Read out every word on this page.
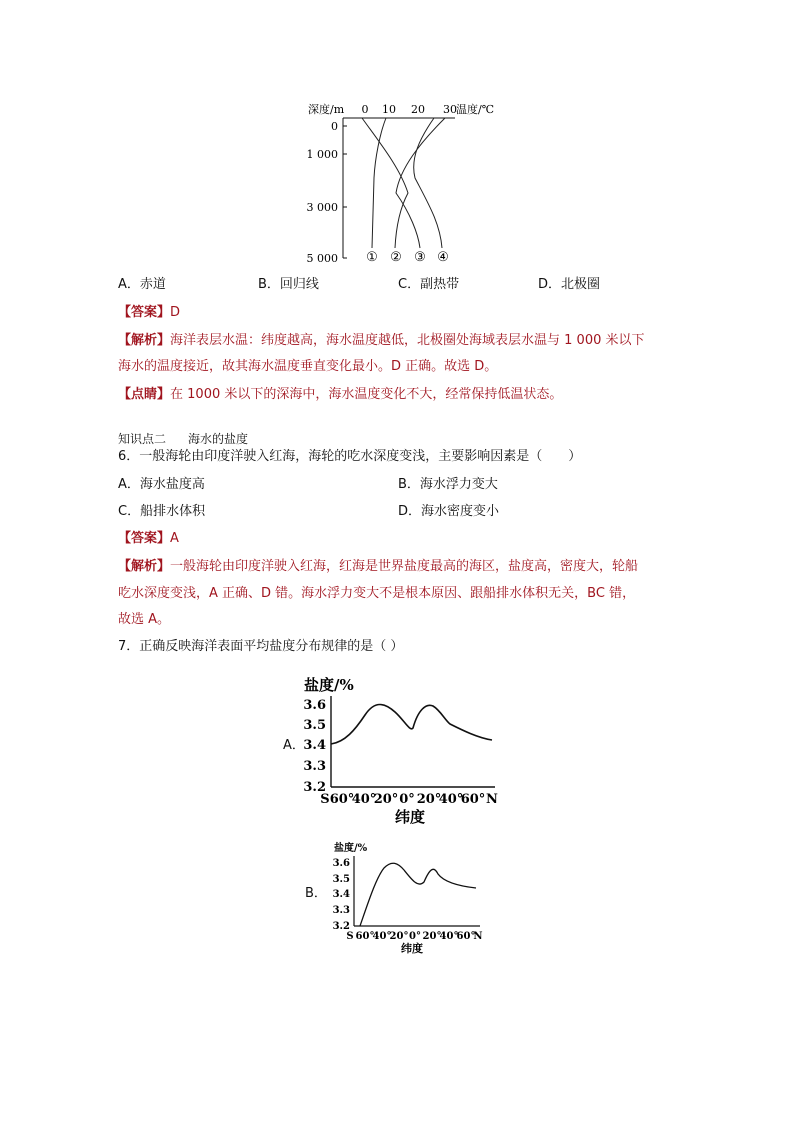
深度/m	温度/℃
0 10 20 30
0
1 000
3 000
5 000 ① ② ③ ④
A．赤道	B．回归线	C．副热带	D．北极圈
【答案】D
【解析】海洋表层水温：纬度越高，海水温度越低，北极圈处海域表层水温与 1 000 米以下
海水的温度接近，故其海水温度垂直变化最小。D 正确。故选 D。
【点睛】在 1000 米以下的深海中，海水温度变化不大，经常保持低温状态。
知识点二 海水的盐度
6．一般海轮由印度洋驶入红海，海轮的吃水深度变浅，主要影响因素是（　　）
A．海水盐度高	B．海水浮力变大
C．船排水体积	D．海水密度变小
【答案】A
【解析】一般海轮由印度洋驶入红海，红海是世界盐度最高的海区，盐度高，密度大，轮船
吃水深度变浅，A 正确、D 错。海水浮力变大不是根本原因、跟船排水体积无关，BC 错，
故选 A。
7．正确反映海洋表面平均盐度分布规律的是（ ）
A．
盐度/%
3.6
3.5
3.4
3.3
3.2
S 60°
40°
20° 0° 20°
40°
60° N
纬度
B．
盐度/%
3.6
3.5
3.4
3.3
3.2
S 60°
40°
20° 0° 20°
40°
60°
N
纬度
